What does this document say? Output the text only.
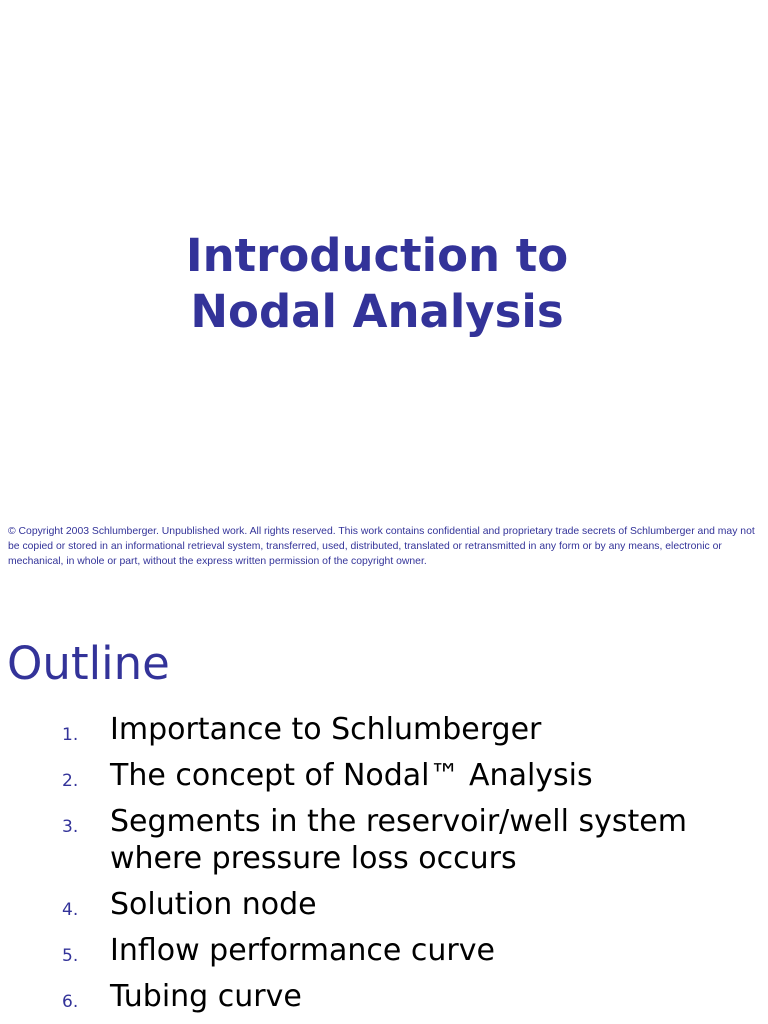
Introduction to
Nodal Analysis

© Copyright 2003 Schlumberger. Unpublished work. All rights reserved. This work contains confidential and proprietary trade secrets of Schlumberger and may not be copied or stored in an informational retrieval system, transferred, used, distributed, translated or retransmitted in any form or by any means, electronic or mechanical, in whole or part, without the express written permission of the copyright owner.

Outline
1. Importance to Schlumberger
2. The concept of Nodal™ Analysis
3. Segments in the reservoir/well system where pressure loss occurs
4. Solution node
5. Inflow performance curve
6. Tubing curve
